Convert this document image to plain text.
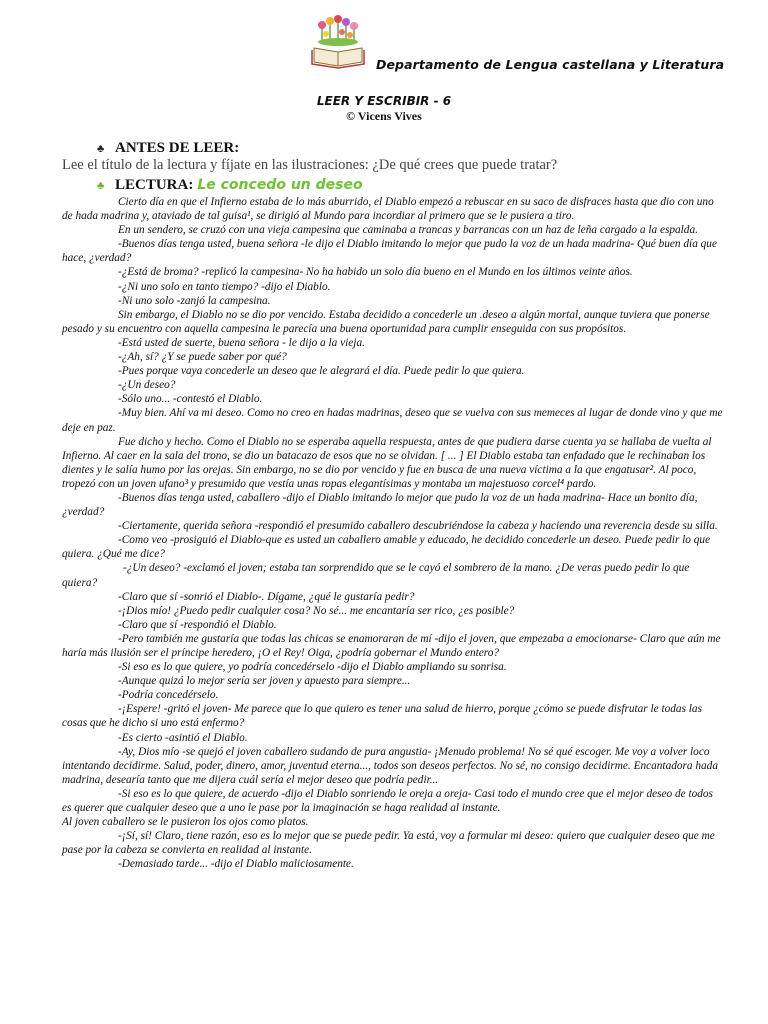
Departamento de Lengua castellana y Literatura
LEER Y ESCRIBIR - 6
© Vicens Vives
♣ ANTES DE LEER:
Lee el título de la lectura y fíjate en las ilustraciones: ¿De qué crees que puede tratar?
♣ LECTURA: Le concedo un deseo

Cierto día en que el Infierno estaba de lo más aburrido, el Diablo empezó a rebuscar en su saco de disfraces hasta que dio con uno de hada madrina y, ataviado de tal guisa¹, se dirigió al Mundo para incordiar al primero que se le pusiera a tiro.

En un sendero, se cruzó con una vieja campesina que caminaba a trancas y barrancas con un haz de leña cargado a la espalda.

-Buenos días tenga usted, buena señora -le dijo el Diablo imitando lo mejor que pudo la voz de un hada madrina- Qué buen día que hace, ¿verdad?

-¿Está de broma? -replicó la campesina- No ha habido un solo día bueno en el Mundo en los últimos veinte años.

-¿Ni uno solo en tanto tiempo? -dijo el Diablo.

-Ni uno solo -zanjó la campesina.

Sin embargo, el Diablo no se dio por vencido. Estaba decidido a concederle un .deseo a algún mortal, aunque tuviera que ponerse pesado y su encuentro con aquella campesina le parecía una buena oportunidad para cumplir enseguida con sus propósitos.

-Está usted de suerte, buena señora - le dijo a la vieja.

-¿Ah, sí? ¿Y se puede saber por qué?

-Pues porque vaya concederle un deseo que le alegrará el día. Puede pedir lo que quiera.

-¿Un deseo?

-Sólo uno... -contestó el Diablo.

-Muy bien. Ahí va mi deseo. Como no creo en hadas madrinas, deseo que se vuelva con sus memeces al lugar de donde vino y que me deje en paz.

Fue dicho y hecho. Como el Diablo no se esperaba aquella respuesta, antes de que pudiera darse cuenta ya se hallaba de vuelta al Infierno. Al caer en la sala del trono, se dio un batacazo de esos que no se olvidan. [ ... ] El Diablo estaba tan enfadado que le rechinaban los dientes y le salía humo por las orejas. Sin embargo, no se dio por vencido y fue en busca de una nueva víctima a la que engatusar². Al poco, tropezó con un joven ufano³ y presumido que vestía unas ropas elegantísimas y montaba un majestuoso corcel⁴ pardo.

-Buenos días tenga usted, caballero -dijo el Diablo imitando lo mejor que pudo la voz de un hada madrina- Hace un bonito día, ¿verdad?

-Ciertamente, querida señora -respondió el presumido caballero descubriéndose la cabeza y haciendo una reverencia desde su silla.

-Como veo -prosiguió el Diablo-que es usted un caballero amable y educado, he decidido concederle un deseo. Puede pedir lo que quiera. ¿Qué me dice?

-¿Un deseo? -exclamó el joven; estaba tan sorprendido que se le cayó el sombrero de la mano. ¿De veras puedo pedir lo que quiera?

-Claro que sí -sonrió el Diablo-. Dígame, ¿qué le gustaría pedir?

-¡Dios mío! ¿Puedo pedir cualquier cosa? No sé... me encantaría ser rico, ¿es posible?

-Claro que sí -respondió el Diablo.

-Pero también me gustaría que todas las chicas se enamoraran de mí -dijo el joven, que empezaba a emocionarse- Claro que aún me haría más ilusión ser el príncipe heredero, ¡O el Rey! Oiga, ¿podría gobernar el Mundo entero?

-Si eso es lo que quiere, yo podría concedérselo -dijo el Diablo ampliando su sonrisa.

-Aunque quizá lo mejor sería ser joven y apuesto para siempre...

-Podría concedérselo.

-¡Espere! -gritó el joven- Me parece que lo que quiero es tener una salud de hierro, porque ¿cómo se puede disfrutar le todas las cosas que he dicho si uno está enfermo?

-Es cierto -asintió el Diablo.

-Ay, Dios mío -se quejó el joven caballero sudando de pura angustia- ¡Menudo problema! No sé qué escoger. Me voy a volver loco intentando decidirme. Salud, poder, dinero, amor, juventud eterna..., todos son deseos perfectos. No sé, no consigo decidirme. Encantadora hada madrina, desearía tanto que me dijera cuál sería el mejor deseo que podría pedir...

-Si eso es lo que quiere, de acuerdo -dijo el Diablo sonriendo le oreja a oreja- Casi todo el mundo cree que el mejor deseo de todos es querer que cualquier deseo que a uno le pase por la imaginación se haga realidad al instante.

Al joven caballero se le pusieron los ojos como platos.

-¡Sí, sí! Claro, tiene razón, eso es lo mejor que se puede pedir. Ya está, voy a formular mi deseo: quiero que cualquier deseo que me pase por la cabeza se convierta en realidad al instante.

-Demasiado tarde... -dijo el Diablo maliciosamente.
